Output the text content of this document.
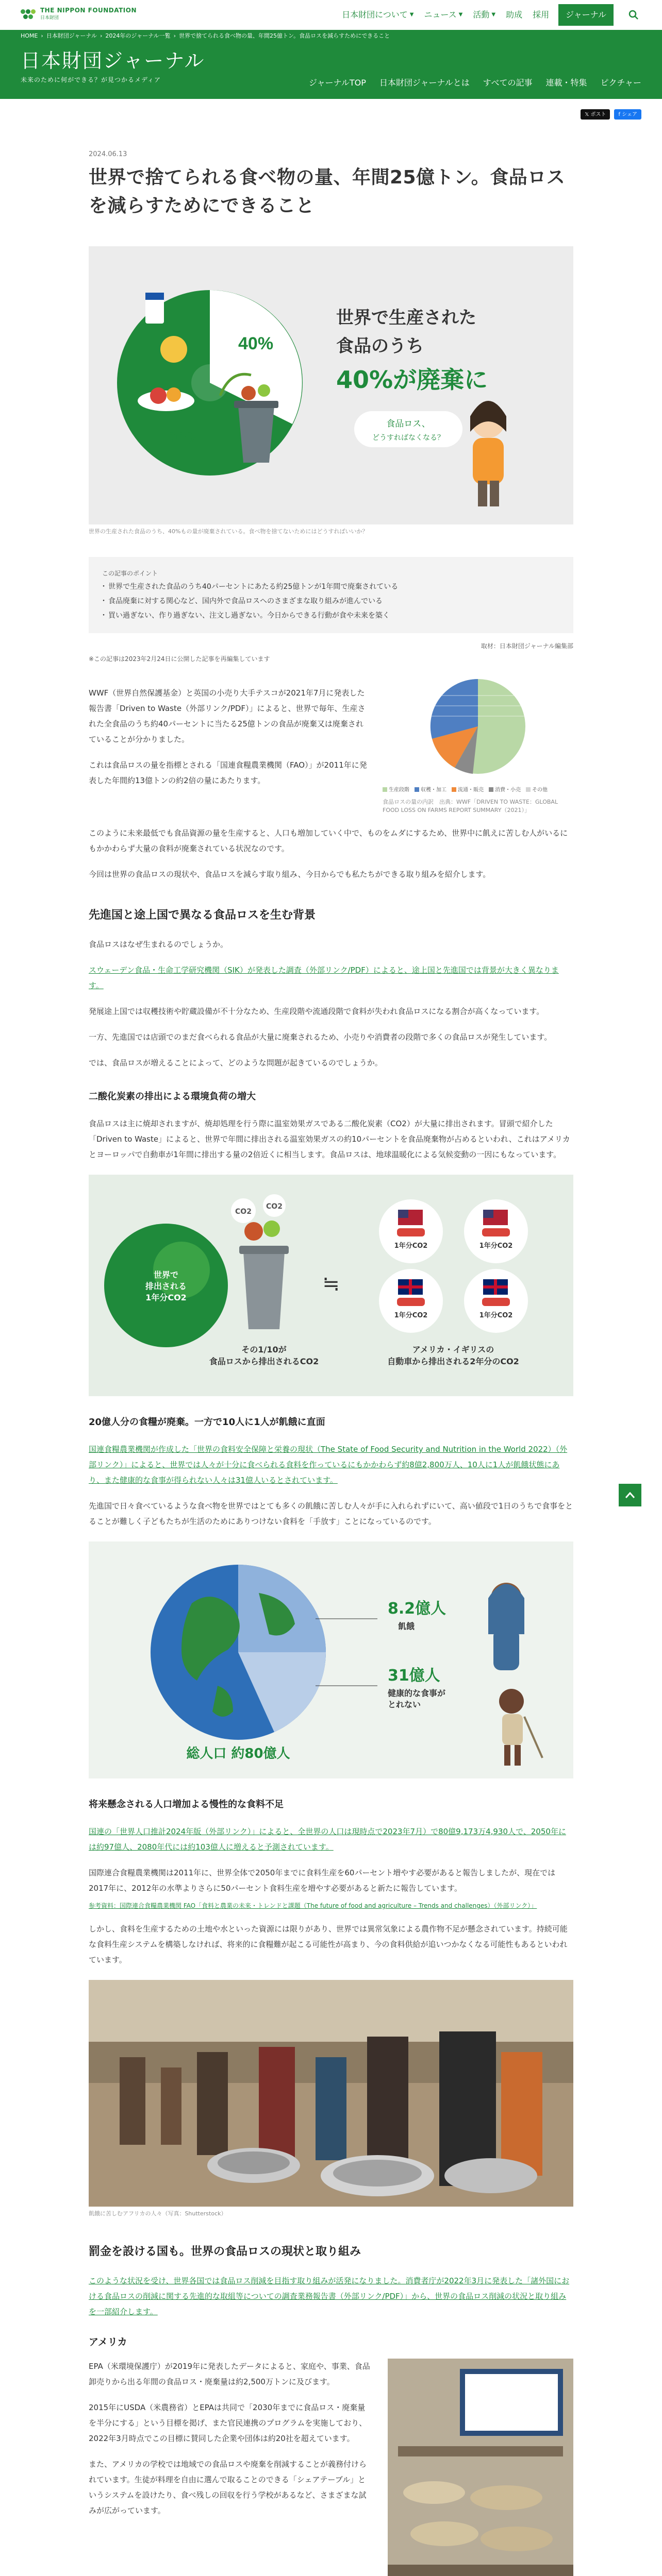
THE NIPPON FOUNDATION
日本財団	日本財団について ▼ ニュース ▼ 活動 ▼ 助成 採用 ジャーナル
HOME › 日本財団ジャーナル › 2024年のジャーナル一覧 › 世界で捨てられる食べ物の量、年間25億トン。食品ロスを減らすためにできること
日本財団ジャーナル
未来のために何ができる？が見つかるメディア	ジャーナルTOP 日本財団ジャーナルとは すべての記事 連載・特集 ピクチャー
𝕏 ポスト f シェア
2024.06.13
世界で捨てられる食べ物の量、年間25億トン。食品ロスを減らすためにできること
60%
40%
世界で生産された
食品のうち
40%が廃棄に
食品ロス、
どうすればなくなる？
世界の生産された食品のうち、40%もの量が廃棄されている。食べ物を捨てないためにはどうすればいいか？
この記事のポイント
・ 世界で生産された食品のうち40パーセントにあたる約25億トンが1年間で廃棄されている
・ 食品廃棄に対する関心など、国内外で食品ロスへのさまざまな取り組みが進んでいる
・ 買い過ぎない、作り過ぎない、注文し過ぎない。今日からできる行動が食や未来を築く
取材：日本財団ジャーナル編集部
※この記事は2023年2月24日に公開した記事を再編集しています

WWF（世界自然保護基金）と英国の小売り大手テスコが2021年7月に発表した報告書「Driven to Waste（外部リンク/PDF）」によると、世界で毎年、生産された全食品のうち約40パーセントに当たる25億トンの食品が廃棄又は廃棄されていることが分かりました。

これは食品ロスの量を指標とされる「国連食糧農業機関（FAO）」が2011年に発表した年間約13億トンの約2倍の量にあたります。

生産段階	収穫・加工	流通・販売	消費・小売	その他
食品ロスの量の内訳　出典：WWF「DRIVEN TO WASTE：GLOBAL FOOD LOSS ON FARMS REPORT SUMMARY（2021）」

このように未来最低でも食品資源の量を生産すると、人口も増加していく中で、ものをムダにするため、世界中に飢えに苦しむ人がいるにもかかわらず大量の食料が廃棄されている状況なのです。

今回は世界の食品ロスの現状や、食品ロスを減らす取り組み、今日からでも私たちができる取り組みを紹介します。

先進国と途上国で異なる食品ロスを生む背景

食品ロスはなぜ生まれるのでしょうか。

スウェーデン食品・生命工学研究機関（SIK）が発表した調査（外部リンク/PDF）によると、途上国と先進国では背景が大きく異なります。

発展途上国では収穫技術や貯蔵設備が不十分なため、生産段階や流通段階で食料が失われ食品ロスになる割合が高くなっています。

一方、先進国では店頭でのまだ食べられる食品が大量に廃棄されるため、小売りや消費者の段階で多くの食品ロスが発生しています。

では、食品ロスが増えることによって、どのような問題が起きているのでしょうか。

二酸化炭素の排出による環境負荷の増大

食品ロスは主に焼却されますが、焼却処理を行う際に温室効果ガスである二酸化炭素（CO2）が大量に排出されます。冒頭で紹介した「Driven to Waste」によると、世界で年間に排出される温室効果ガスの約10パーセントを食品廃棄物が占めるといわれ、これはアメリカとヨーロッパで自動車が1年間に排出する量の2倍近くに相当します。食品ロスは、地球温暖化による気候変動の一因にもなっています。

世界で
排出される
1年分CO2
CO2
CO2
その1/10が
食品ロスから排出されるCO2
≒
1年分CO2	1年分CO2
1年分CO2	1年分CO2
アメリカ・イギリスの
自動車から排出される2年分のCO2
20億人分の食糧が廃棄。一方で10人に1人が飢餓に直面

国連食糧農業機関が作成した「世界の食料安全保障と栄養の現状（The State of Food Security and Nutrition in the World 2022）（外部リンク）」によると、世界では人々が十分に食べられる食料を作っているにもかかわらず約8億2,800万人、10人に1人が飢餓状態にあり、また健康的な食事が得られない人々は31億人いるとされています。

先進国で日々食べているような食べ物を世界ではとても多くの飢餓に苦しむ人々が手に入れられずにいて、高い値段で1日のうちで食事をとることが難しく子どもたちが生活のためにありつけない食料を「手放す」ことになっているのです。

総人口 約80億人
8.2億人
飢餓
31億人
健康的な食事が
とれない
将来懸念される人口増加よる慢性的な食料不足

国連の「世界人口推計2024年版（外部リンク）」によると、全世界の人口は現時点で2023年7月）で80億9,173万4,930人で、2050年には約97億人、2080年代には約103億人に増えると予測されています。

国際連合食糧農業機関は2011年に、世界全体で2050年までに食料生産を60パーセント増やす必要があると報告しましたが、現在では2017年に、2012年の水準よりさらに50パーセント食料生産を増やす必要があると新たに報告しています。

参考資料：国際連合食糧農業機関 FAO「食料と農業の未来・トレンドと課題（The future of food and agriculture – Trends and challenges）（外部リンク）」

しかし、食料を生産するための土地や水といった資源には限りがあり、世界では異常気象による農作物不足が懸念されています。持続可能な食料生産システムを構築しなければ、将来的に食糧難が起こる可能性が高まり、今の食料供給が追いつかなくなる可能性もあるといわれています。

飢餓に苦しむアフリカの人々（写真：Shutterstock）
罰金を設ける国も。世界の食品ロスの現状と取り組み

このような状況を受け、世界各国では食品ロス削減を目指す取り組みが活発になりました。消費者庁が2022年3月に発表した「諸外国における食品ロスの削減に関する先進的な取組等についての調査業務報告書（外部リンク/PDF）」から、世界の食品ロス削減の状況と取り組みを一部紹介します。

アメリカ

EPA（米環境保護庁）が2019年に発表したデータによると、家庭や、事業、食品卸売りから出る年間の食品ロス・廃棄量は約2,500万トンに及びます。

2015年にUSDA（米農務省）とEPAは共同で「2030年までに食品ロス・廃棄量を半分にする」という目標を掲げ、また官民連携のプログラムを実施しており、2022年3月時点でこの目標に賛同した企業や団体は約20社を超えています。

また、アメリカの学校では地域での食品ロスや廃棄を削減することが義務付けられています。生徒が料理を自由に選んで取ることのできる「シェアテーブル」というシステムを設けたり、食べ残しの回収を行う学校があるなど、さまざまな試みが広がっています。
